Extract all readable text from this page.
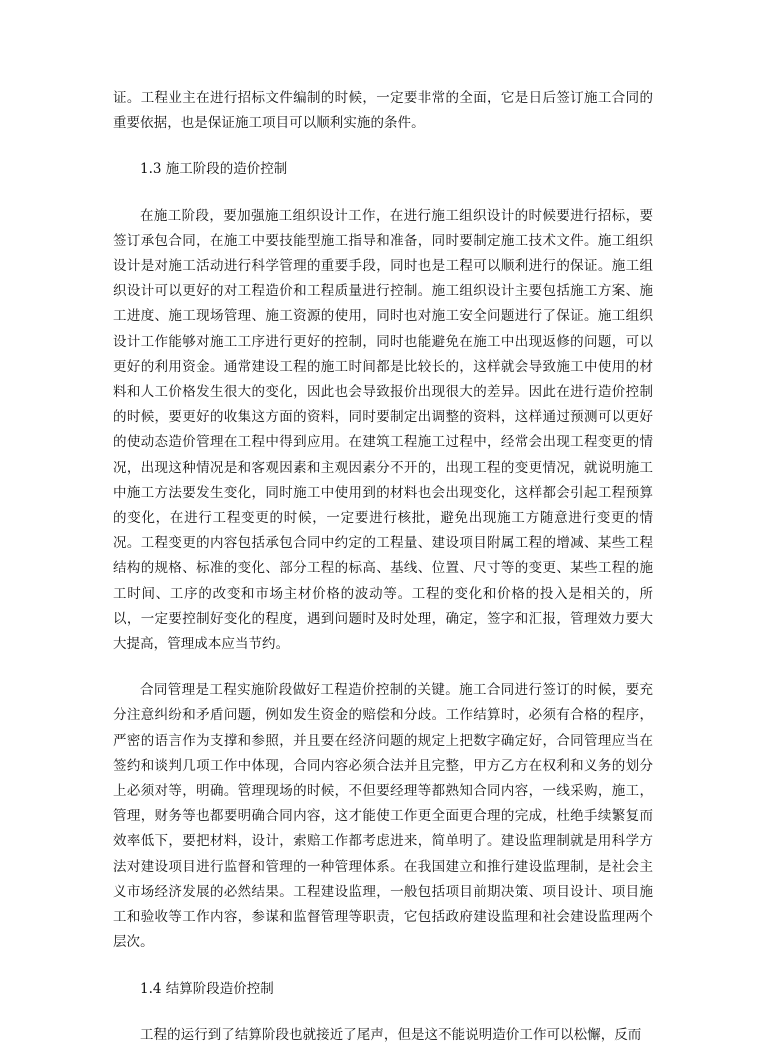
证。工程业主在进行招标文件编制的时候，一定要非常的全面，它是日后签订施工合同的重要依据，也是保证施工项目可以顺利实施的条件。

1.3 施工阶段的造价控制

在施工阶段，要加强施工组织设计工作，在进行施工组织设计的时候要进行招标，要签订承包合同，在施工中要技能型施工指导和准备，同时要制定施工技术文件。施工组织设计是对施工活动进行科学管理的重要手段，同时也是工程可以顺利进行的保证。施工组织设计可以更好的对工程造价和工程质量进行控制。施工组织设计主要包括施工方案、施工进度、施工现场管理、施工资源的使用，同时也对施工安全问题进行了保证。施工组织设计工作能够对施工工序进行更好的控制，同时也能避免在施工中出现返修的问题，可以更好的利用资金。通常建设工程的施工时间都是比较长的，这样就会导致施工中使用的材料和人工价格发生很大的变化，因此也会导致报价出现很大的差异。因此在进行造价控制的时候，要更好的收集这方面的资料，同时要制定出调整的资料，这样通过预测可以更好的使动态造价管理在工程中得到应用。在建筑工程施工过程中，经常会出现工程变更的情况，出现这种情况是和客观因素和主观因素分不开的，出现工程的变更情况，就说明施工中施工方法要发生变化，同时施工中使用到的材料也会出现变化，这样都会引起工程预算的变化，在进行工程变更的时候，一定要进行核批，避免出现施工方随意进行变更的情况。工程变更的内容包括承包合同中约定的工程量、建设项目附属工程的增减、某些工程结构的规格、标准的变化、部分工程的标高、基线、位置、尺寸等的变更、某些工程的施工时间、工序的改变和市场主材价格的波动等。工程的变化和价格的投入是相关的，所以，一定要控制好变化的程度，遇到问题时及时处理，确定，签字和汇报，管理效力要大大提高，管理成本应当节约。

合同管理是工程实施阶段做好工程造价控制的关键。施工合同进行签订的时候，要充分注意纠纷和矛盾问题，例如发生资金的赔偿和分歧。工作结算时，必须有合格的程序，严密的语言作为支撑和参照，并且要在经济问题的规定上把数字确定好，合同管理应当在签约和谈判几项工作中体现，合同内容必须合法并且完整，甲方乙方在权利和义务的划分上必须对等，明确。管理现场的时候，不但要经理等都熟知合同内容，一线采购，施工，管理，财务等也都要明确合同内容，这才能使工作更全面更合理的完成，杜绝手续繁复而效率低下，要把材料，设计，索赔工作都考虑进来，简单明了。建设监理制就是用科学方法对建设项目进行监督和管理的一种管理体系。在我国建立和推行建设监理制，是社会主义市场经济发展的必然结果。工程建设监理，一般包括项目前期决策、项目设计、项目施工和验收等工作内容，参谋和监督管理等职责，它包括政府建设监理和社会建设监理两个层次。

1.4 结算阶段造价控制

工程的运行到了结算阶段也就接近了尾声，但是这不能说明造价工作可以松懈，反而
